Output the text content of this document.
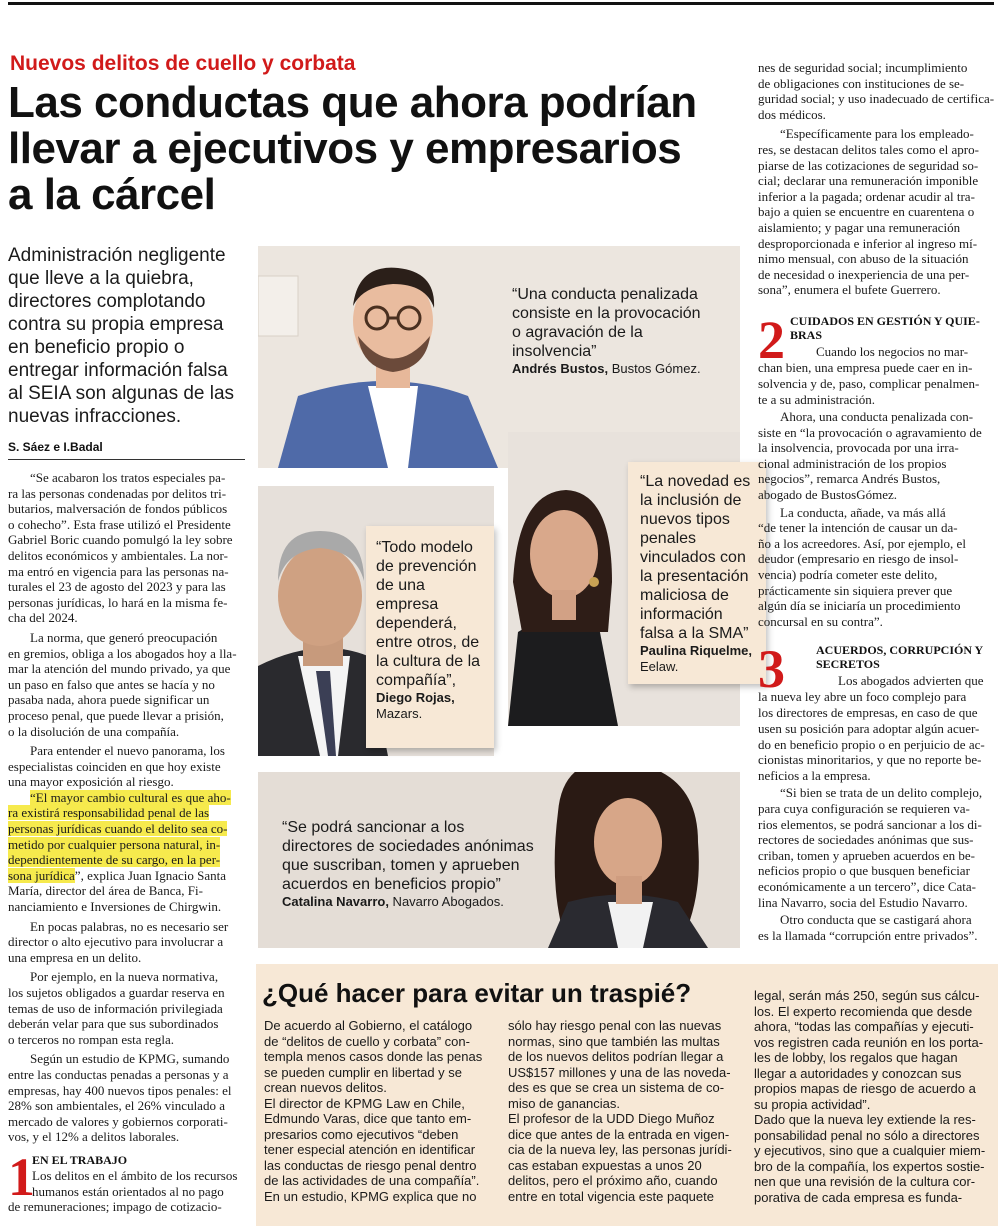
Nuevos delitos de cuello y corbata
Las conductas que ahora podrían
llevar a ejecutivos y empresarios
a la cárcel
Administración negligente
que lleve a la quiebra,
directores complotando
contra su propia empresa
en beneficio propio o
entregar información falsa
al SEIA son algunas de las
nuevas infracciones.
S. Sáez e I.Badal
“Se acabaron los tratos especiales pa-
ra las personas condenadas por delitos tri-
butarios, malversación de fondos públicos
o cohecho”. Esta frase utilizó el Presidente
Gabriel Boric cuando pomulgó la ley sobre
delitos económicos y ambientales. La nor-
ma entró en vigencia para las personas na-
turales el 23 de agosto del 2023 y para las
personas jurídicas, lo hará en la misma fe-
cha del 2024.
La norma, que generó preocupación
en gremios, obliga a los abogados hoy a lla-
mar la atención del mundo privado, ya que
un paso en falso que antes se hacía y no
pasaba nada, ahora puede significar un
proceso penal, que puede llevar a prisión,
o la disolución de una compañía.
Para entender el nuevo panorama, los
especialistas coinciden en que hoy existe
una mayor exposición al riesgo.
“El mayor cambio cultural es que aho-
ra existirá responsabilidad penal de las
personas jurídicas cuando el delito sea co-
metido por cualquier persona natural, in-
dependientemente de su cargo, en la per-
sona jurídica”, explica Juan Ignacio Santa
María, director del área de Banca, Fi-
nanciamiento e Inversiones de Chirgwin.
En pocas palabras, no es necesario ser
director o alto ejecutivo para involucrar a
una empresa en un delito.
Por ejemplo, en la nueva normativa,
los sujetos obligados a guardar reserva en
temas de uso de información privilegiada
deberán velar para que sus subordinados
o terceros no rompan esta regla.
Según un estudio de KPMG, sumando
entre las conductas penadas a personas y a
empresas, hay 400 nuevos tipos penales: el
28% son ambientales, el 26% vinculado a
mercado de valores y gobiernos corporati-
vos, y el 12% a delitos laborales.
1
EN EL TRABAJO
Los delitos en el ámbito de los recursos
humanos están orientados al no pago
de remuneraciones; impago de cotizacio-
“Una conducta penalizada
consiste en la provocación
o agravación de la
insolvencia”
Andrés Bustos, Bustos Gómez.
“Todo modelo
de prevención
de una
empresa
dependerá,
entre otros, de
la cultura de la
compañía”,
Diego Rojas,
Mazars.
“La novedad es
la inclusión de
nuevos tipos
penales
vinculados con
la presentación
maliciosa de
información
falsa a la SMA”
Paulina Riquelme,
Eelaw.
“Se podrá sancionar a los
directores de sociedades anónimas
que suscriban, tomen y aprueben
acuerdos en beneficios propio”
Catalina Navarro, Navarro Abogados.
nes de seguridad social; incumplimiento
de obligaciones con instituciones de se-
guridad social; y uso inadecuado de certifica-
dos médicos.
“Específicamente para los empleado-
res, se destacan delitos tales como el apro-
piarse de las cotizaciones de seguridad so-
cial; declarar una remuneración imponible
inferior a la pagada; ordenar acudir al tra-
bajo a quien se encuentre en cuarentena o
aislamiento; y pagar una remuneración
desproporcionada e inferior al ingreso mí-
nimo mensual, con abuso de la situación
de necesidad o inexperiencia de una per-
sona”, enumera el bufete Guerrero.
2 CUIDADOS EN GESTIÓN Y QUIE-
BRAS
Cuando los negocios no mar-
chan bien, una empresa puede caer en in-
solvencia y de, paso, complicar penalmen-
te a su administración.
Ahora, una conducta penalizada con-
siste en “la provocación o agravamiento de
la insolvencia, provocada por una irra-
cional administración de los propios
negocios”, remarca Andrés Bustos,
abogado de BustosGómez.
La conducta, añade, va más allá
“de tener la intención de causar un da-
ño a los acreedores. Así, por ejemplo, el
deudor (empresario en riesgo de insol-
vencia) podría cometer este delito,
prácticamente sin siquiera prever que
algún día se iniciaría un procedimiento
concursal en su contra”.
3	ACUERDOS, CORRUPCIÓN Y
SECRETOS
Los abogados advierten que
la nueva ley abre un foco complejo para
los directores de empresas, en caso de que
usen su posición para adoptar algún acuer-
do en beneficio propio o en perjuicio de ac-
cionistas minoritarios, y que no reporte be-
neficios a la empresa.
“Si bien se trata de un delito complejo,
para cuya configuración se requieren va-
rios elementos, se podrá sancionar a los di-
rectores de sociedades anónimas que sus-
criban, tomen y aprueben acuerdos en be-
neficios propio o que busquen beneficiar
económicamente a un tercero”, dice Cata-
lina Navarro, socia del Estudio Navarro.
Otro conducta que se castigará ahora
es la llamada “corrupción entre privados”.
¿Qué hacer para evitar un traspié?
De acuerdo al Gobierno, el catálogo
de “delitos de cuello y corbata” con-
templa menos casos donde las penas
se pueden cumplir en libertad y se
crean nuevos delitos.
El director de KPMG Law en Chile,
Edmundo Varas, dice que tanto em-
presarios como ejecutivos “deben
tener especial atención en identificar
las conductas de riesgo penal dentro
de las actividades de una compañía”.
En un estudio, KPMG explica que no
sólo hay riesgo penal con las nuevas
normas, sino que también las multas
de los nuevos delitos podrían llegar a
US$157 millones y una de las noveda-
des es que se crea un sistema de co-
miso de ganancias.
El profesor de la UDD Diego Muñoz
dice que antes de la entrada en vigen-
cia de la nueva ley, las personas jurídi-
cas estaban expuestas a unos 20
delitos, pero el próximo año, cuando
entre en total vigencia este paquete
legal, serán más 250, según sus cálcu-
los. El experto recomienda que desde
ahora, “todas las compañías y ejecuti-
vos registren cada reunión en los porta-
les de lobby, los regalos que hagan
llegar a autoridades y conozcan sus
propios mapas de riesgo de acuerdo a
su propia actividad”.
Dado que la nueva ley extiende la res-
ponsabilidad penal no sólo a directores
y ejecutivos, sino que a cualquier miem-
bro de la compañía, los expertos sostie-
nen que una revisión de la cultura cor-
porativa de cada empresa es funda-
